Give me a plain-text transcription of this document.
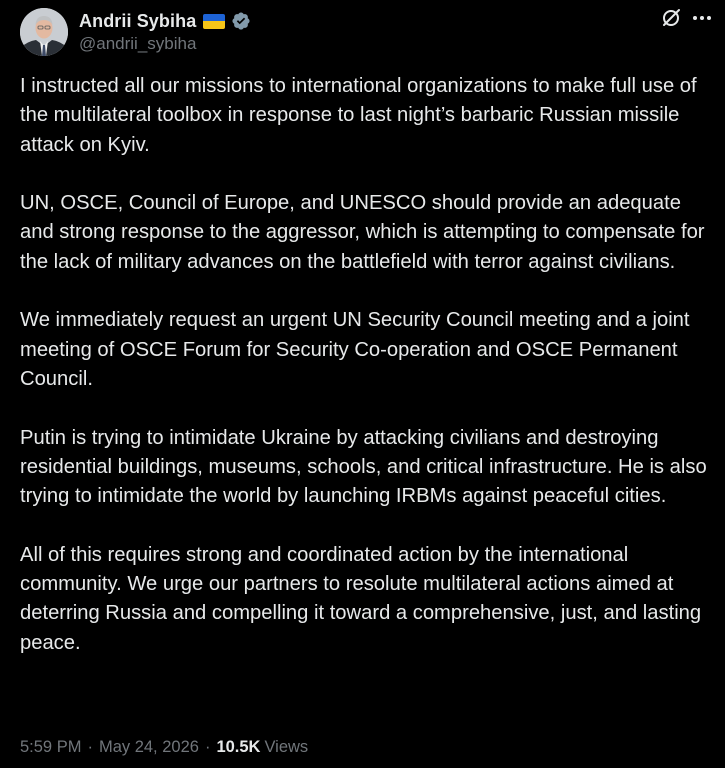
Andrii Sybiha
@andrii_sybiha

I instructed all our missions to international organizations to make full use of the multilateral toolbox in response to last night’s barbaric Russian missile attack on Kyiv.

UN, OSCE, Council of Europe, and UNESCO should provide an adequate and strong response to the aggressor, which is attempting to compensate for the lack of military advances on the battlefield with terror against civilians.

We immediately request an urgent UN Security Council meeting and a joint meeting of OSCE Forum for Security Co-operation and OSCE Permanent Council.

Putin is trying to intimidate Ukraine by attacking civilians and destroying residential buildings, museums, schools, and critical infrastructure. He is also trying to intimidate the world by launching IRBMs against peaceful cities.

All of this requires strong and coordinated action by the international community. We urge our partners to resolute multilateral actions aimed at deterring Russia and compelling it toward a comprehensive, just, and lasting peace.

5:59 PM · May 24, 2026 · 10.5K Views
